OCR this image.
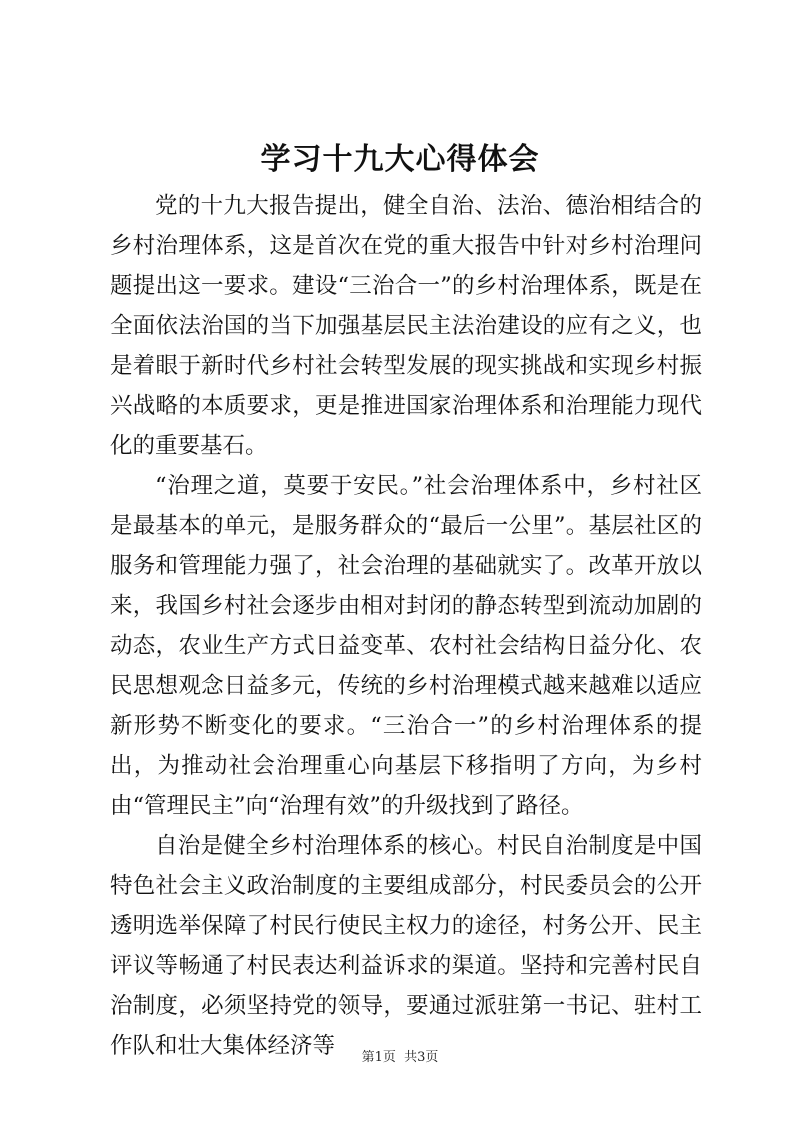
学习十九大心得体会

党的十九大报告提出，健全自治、法治、德治相结合的乡村治理体系，这是首次在党的重大报告中针对乡村治理问题提出这一要求。建设“三治合一”的乡村治理体系，既是在全面依法治国的当下加强基层民主法治建设的应有之义，也是着眼于新时代乡村社会转型发展的现实挑战和实现乡村振兴战略的本质要求，更是推进国家治理体系和治理能力现代化的重要基石。

“治理之道，莫要于安民。”社会治理体系中，乡村社区是最基本的单元，是服务群众的“最后一公里”。基层社区的服务和管理能力强了，社会治理的基础就实了。改革开放以来，我国乡村社会逐步由相对封闭的静态转型到流动加剧的动态，农业生产方式日益变革、农村社会结构日益分化、农民思想观念日益多元，传统的乡村治理模式越来越难以适应新形势不断变化的要求。“三治合一”的乡村治理体系的提出，为推动社会治理重心向基层下移指明了方向，为乡村由“管理民主”向“治理有效”的升级找到了路径。

自治是健全乡村治理体系的核心。村民自治制度是中国特色社会主义政治制度的主要组成部分，村民委员会的公开透明选举保障了村民行使民主权力的途径，村务公开、民主评议等畅通了村民表达利益诉求的渠道。坚持和完善村民自治制度，必须坚持党的领导，要通过派驻第一书记、驻村工作队和壮大集体经济等	第1页 共3页
